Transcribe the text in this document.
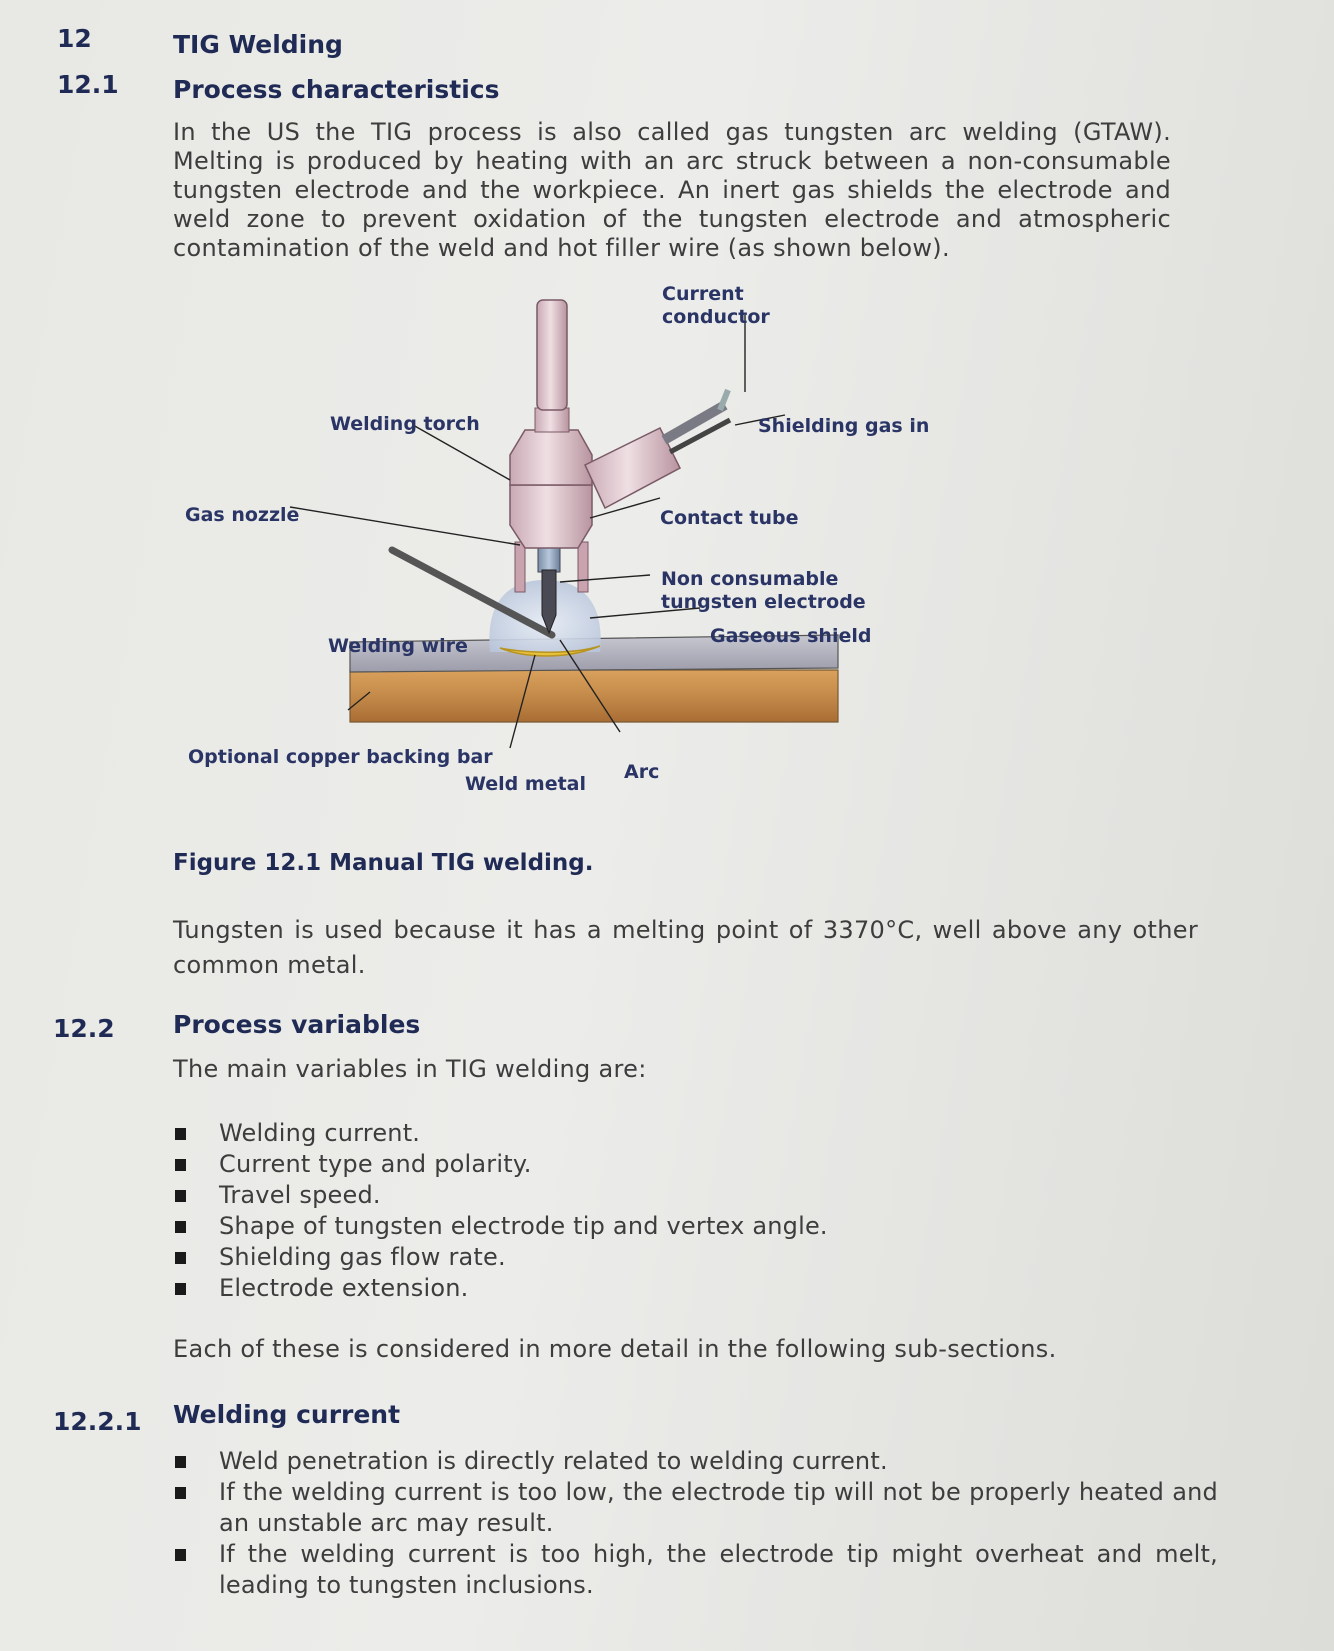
12	TIG Welding
12.1 Process characteristics
In the US the TIG process is also called gas tungsten arc welding (GTAW). Melting is produced by heating with an arc struck between a non-consumable tungsten electrode and the workpiece. An inert gas shields the electrode and weld zone to prevent oxidation of the tungsten electrode and atmospheric contamination of the weld and hot filler wire (as shown below).
Current
conductor
Welding torch	Shielding gas in
Gas nozzle	Contact tube
Non consumable
tungsten electrode
Gaseous shield
Welding wire
Optional copper backing bar
Weld metal
Arc
Figure 12.1 Manual TIG welding.
Tungsten is used because it has a melting point of 3370°C, well above any other common metal.
12.2 Process variables
The main variables in TIG welding are:
Welding current.
Current type and polarity.
Travel speed.
Shape of tungsten electrode tip and vertex angle.
Shielding gas flow rate.
Electrode extension.
Each of these is considered in more detail in the following sub-sections.
12.2.1 Welding current
Weld penetration is directly related to welding current.
If the welding current is too low, the electrode tip will not be properly heated and an unstable arc may result.
If the welding current is too high, the electrode tip might overheat and melt, leading to tungsten inclusions.
